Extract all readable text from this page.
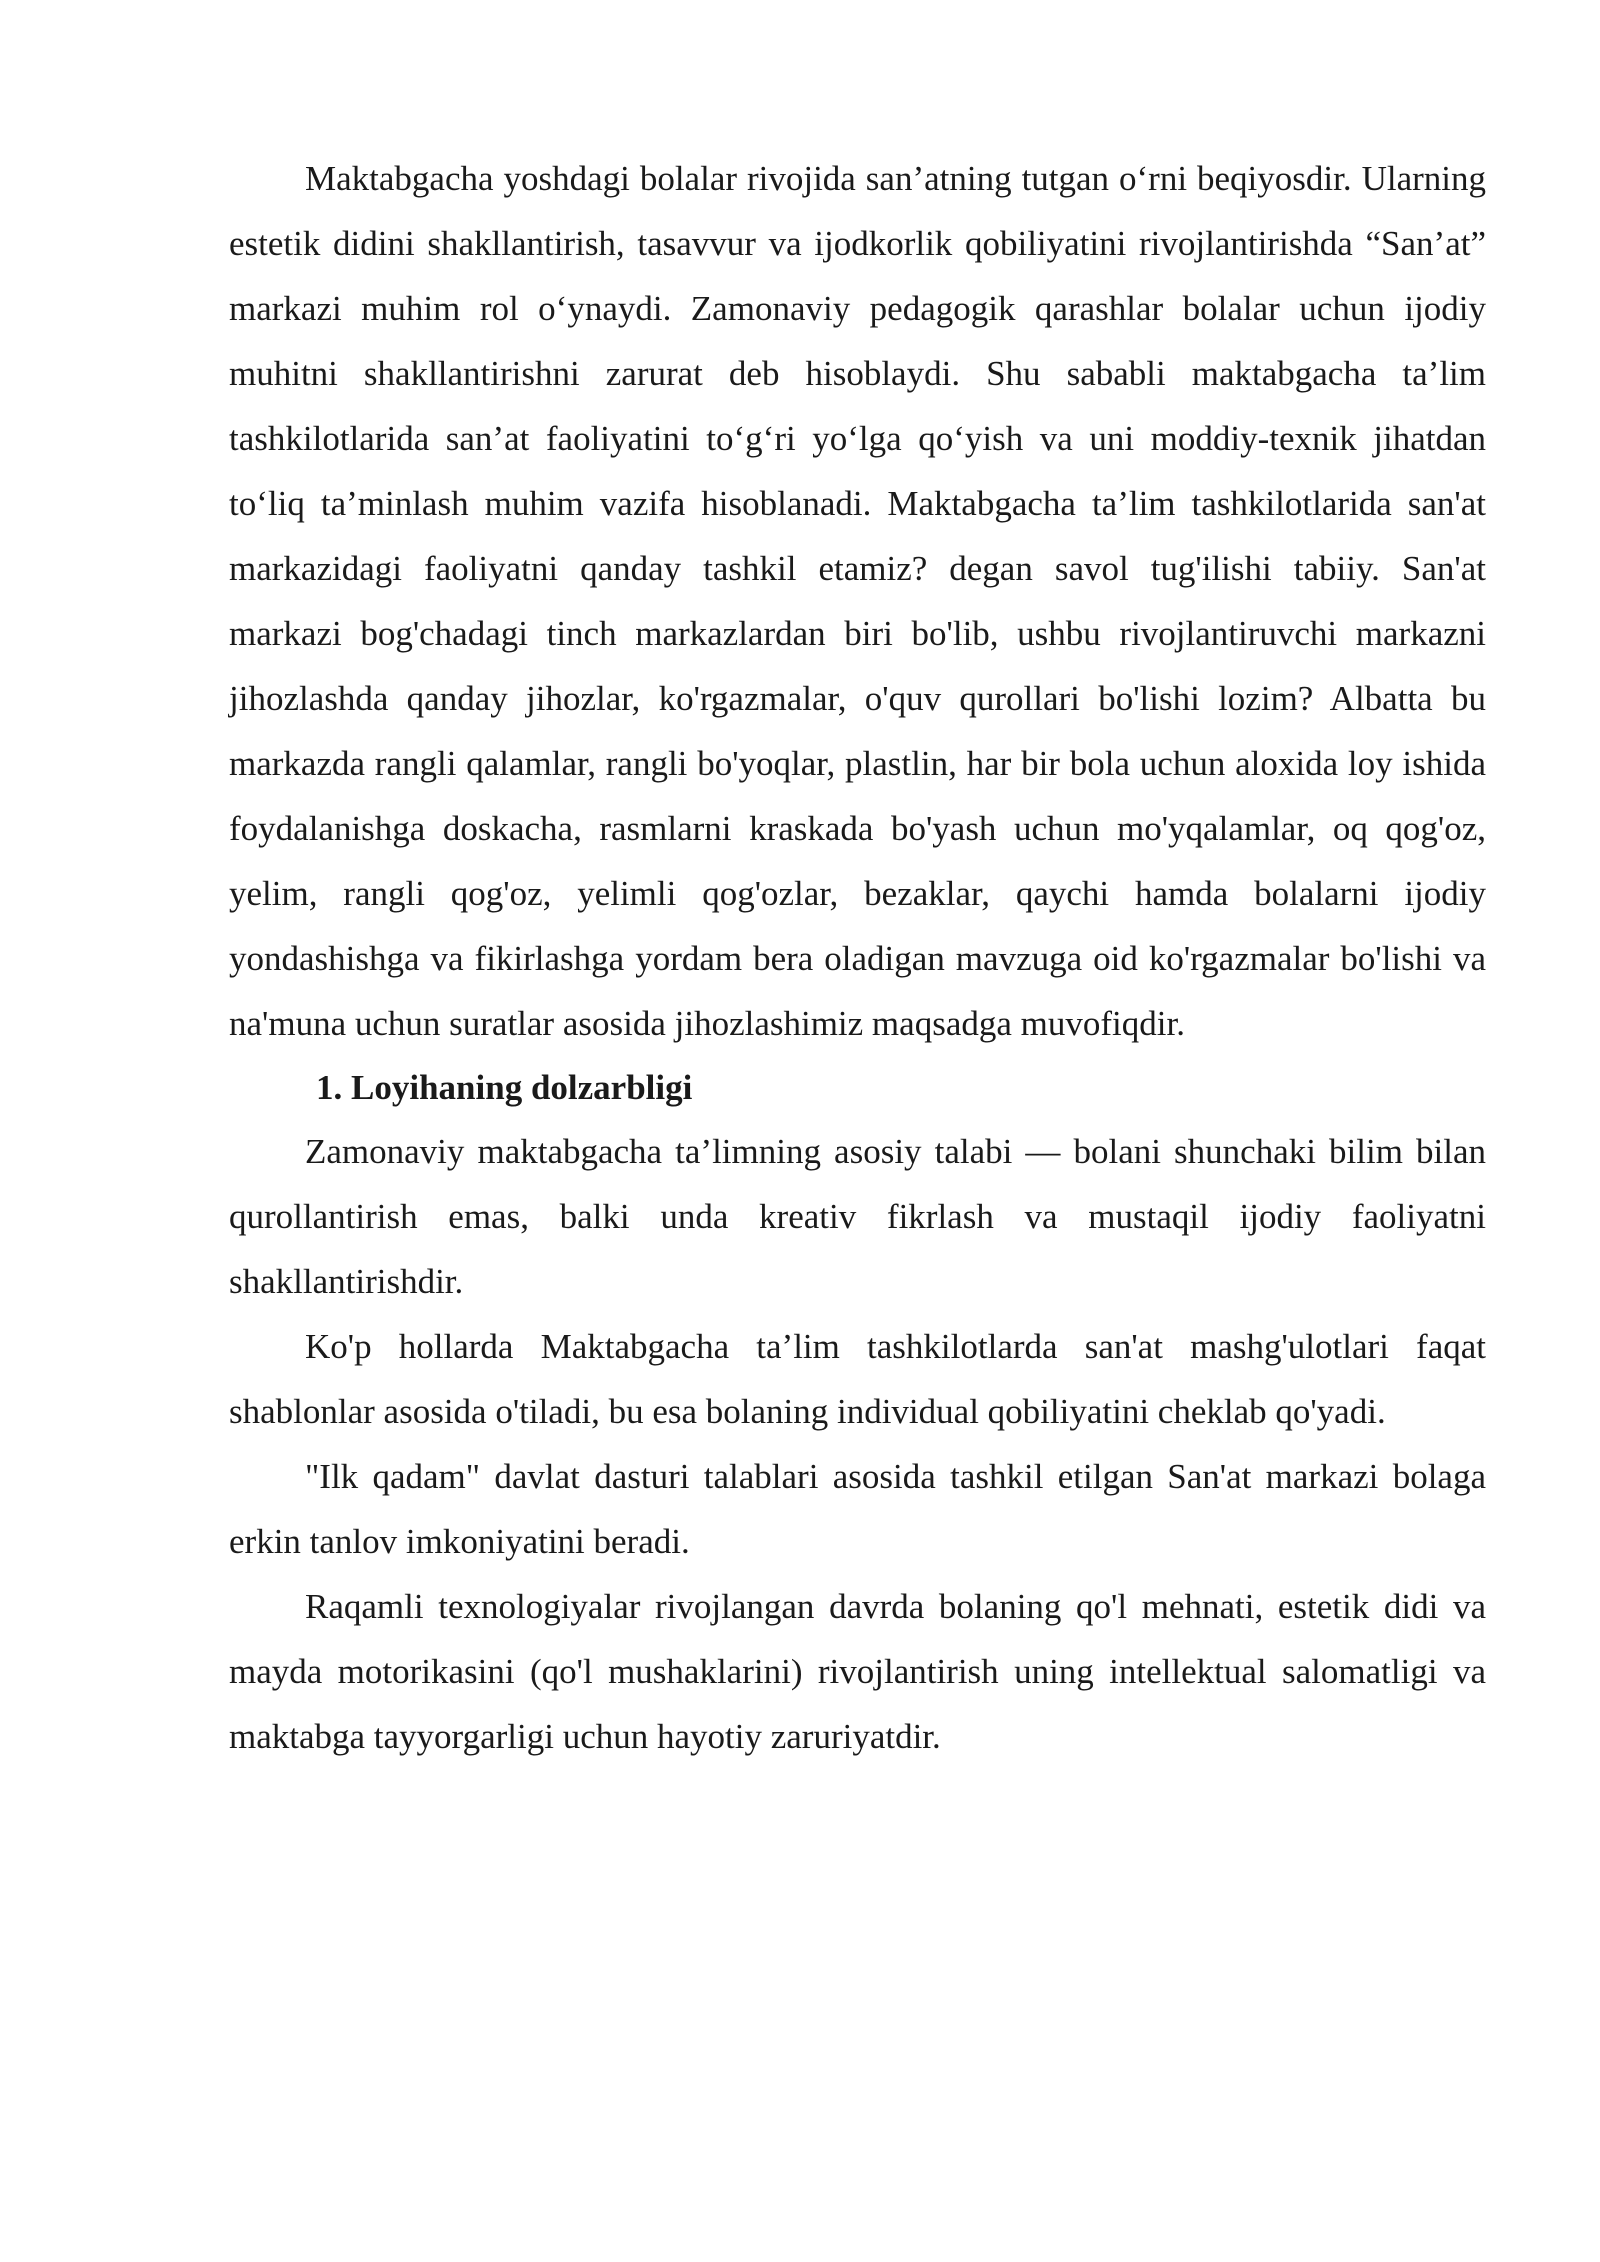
Maktabgacha yoshdagi bolalar rivojida san’atning tutgan o‘rni beqiyosdir. Ularning estetik didini shakllantirish, tasavvur va ijodkorlik qobiliyatini rivojlantirishda “San’at” markazi muhim rol o‘ynaydi. Zamonaviy pedagogik qarashlar bolalar uchun ijodiy muhitni shakllantirishni zarurat deb hisoblaydi. Shu sababli maktabgacha ta’lim tashkilotlarida san’at faoliyatini to‘g‘ri yo‘lga qo‘yish va uni moddiy-texnik jihatdan to‘liq ta’minlash muhim vazifa hisoblanadi. Maktabgacha ta’lim tashkilotlarida san'at markazidagi faoliyatni qanday tashkil etamiz? degan savol tug'ilishi tabiiy. San'at markazi bog'chadagi tinch markazlardan biri bo'lib, ushbu rivojlantiruvchi markazni jihozlashda qanday jihozlar, ko'rgazmalar, o'quv qurollari bo'lishi lozim? Albatta bu markazda rangli qalamlar, rangli bo'yoqlar, plastlin, har bir bola uchun aloxida loy ishida foydalanishga doskacha, rasmlarni kraskada bo'yash uchun mo'yqalamlar, oq qog'oz, yelim, rangli qog'oz, yelimli qog'ozlar, bezaklar, qaychi hamda bolalarni ijodiy yondashishga va fikirlashga yordam bera oladigan mavzuga oid ko'rgazmalar bo'lishi va na'muna uchun suratlar asosida jihozlashimiz maqsadga muvofiqdir.

1. Loyihaning dolzarbligi

Zamonaviy maktabgacha ta’limning asosiy talabi — bolani shunchaki bilim bilan qurollantirish emas, balki unda kreativ fikrlash va mustaqil ijodiy faoliyatni shakllantirishdir.

Ko'p hollarda Maktabgacha ta’lim tashkilotlarda san'at mashg'ulotlari faqat shablonlar asosida o'tiladi, bu esa bolaning individual qobiliyatini cheklab qo'yadi.

"Ilk qadam" davlat dasturi talablari asosida tashkil etilgan San'at markazi bolaga erkin tanlov imkoniyatini beradi.

Raqamli texnologiyalar rivojlangan davrda bolaning qo'l mehnati, estetik didi va mayda motorikasini (qo'l mushaklarini) rivojlantirish uning intellektual salomatligi va maktabga tayyorgarligi uchun hayotiy zaruriyatdir.
